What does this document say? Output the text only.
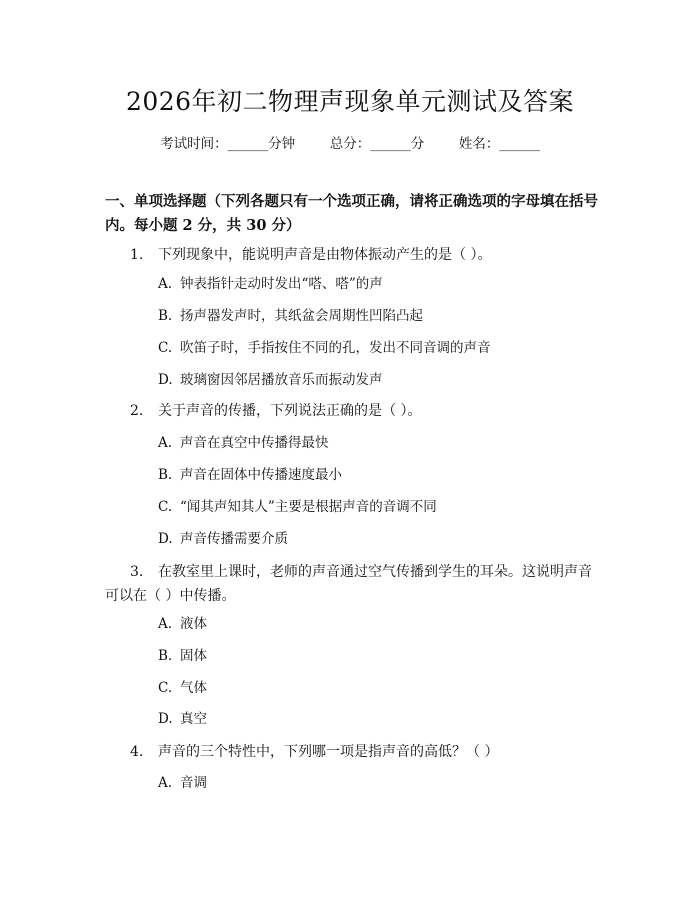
2026年初二物理声现象单元测试及答案
考试时间：______分钟	总分：______分	姓名：______
一、单项选择题（下列各题只有一个选项正确，请将正确选项的字母填在括号内。每小题 2 分，共 30 分）
1. 下列现象中，能说明声音是由物体振动产生的是（ ）。
A. 钟表指针走动时发出“嗒、嗒”的声
B. 扬声器发声时，其纸盆会周期性凹陷凸起
C. 吹笛子时，手指按住不同的孔，发出不同音调的声音
D. 玻璃窗因邻居播放音乐而振动发声
2. 关于声音的传播，下列说法正确的是（ ）。
A. 声音在真空中传播得最快
B. 声音在固体中传播速度最小
C. “闻其声知其人”主要是根据声音的音调不同
D. 声音传播需要介质
3. 在教室里上课时，老师的声音通过空气传播到学生的耳朵。这说明声音可以在（ ）中传播。
A. 液体
B. 固体
C. 气体
D. 真空
4. 声音的三个特性中，下列哪一项是指声音的高低？（ ）
A. 音调
